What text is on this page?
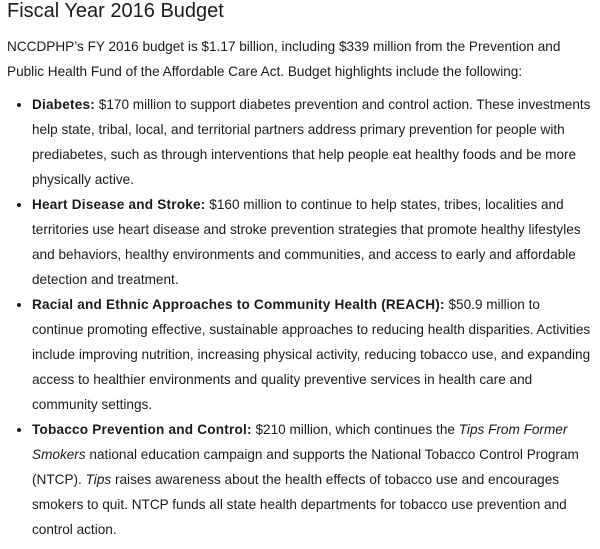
Fiscal Year 2016 Budget

NCCDPHP’s FY 2016 budget is $1.17 billion, including $339 million from the Prevention and Public Health Fund of the Affordable Care Act. Budget highlights include the following:

• Diabetes: $170 million to support diabetes prevention and control action. These investments help state, tribal, local, and territorial partners address primary prevention for people with prediabetes, such as through interventions that help people eat healthy foods and be more physically active.
• Heart Disease and Stroke: $160 million to continue to help states, tribes, localities and territories use heart disease and stroke prevention strategies that promote healthy lifestyles and behaviors, healthy environments and communities, and access to early and affordable detection and treatment.
• Racial and Ethnic Approaches to Community Health (REACH): $50.9 million to continue promoting effective, sustainable approaches to reducing health disparities. Activities include improving nutrition, increasing physical activity, reducing tobacco use, and expanding access to healthier environments and quality preventive services in health care and community settings.
• Tobacco Prevention and Control: $210 million, which continues the Tips From Former Smokers national education campaign and supports the National Tobacco Control Program (NTCP). Tips raises awareness about the health effects of tobacco use and encourages smokers to quit. NTCP funds all state health departments for tobacco use prevention and control action.
